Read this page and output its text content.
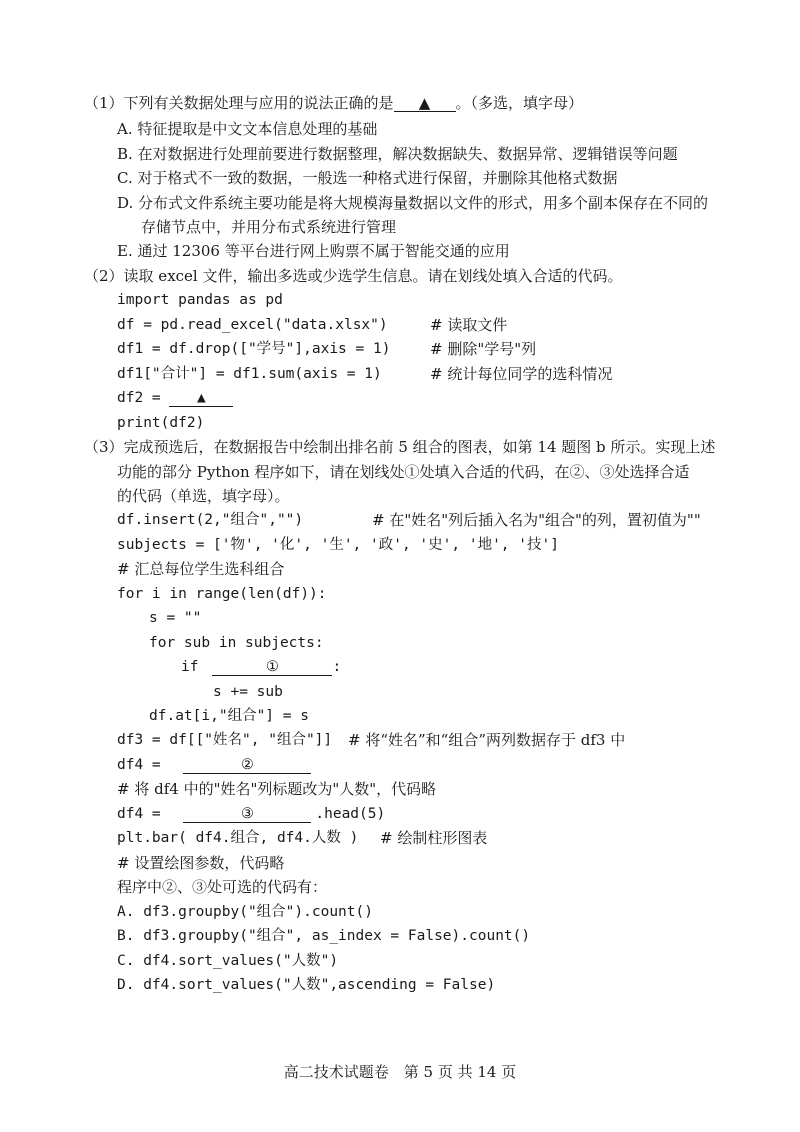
（1）下列有关数据处理与应用的说法正确的是 ▲ 。（多选，填字母）
A. 特征提取是中文文本信息处理的基础
B. 在对数据进行处理前要进行数据整理，解决数据缺失、数据异常、逻辑错误等问题
C. 对于格式不一致的数据，一般选一种格式进行保留，并删除其他格式数据
D. 分布式文件系统主要功能是将大规模海量数据以文件的形式，用多个副本保存在不同的
存储节点中，并用分布式系统进行管理
E. 通过 12306 等平台进行网上购票不属于智能交通的应用
（2）读取 excel 文件，输出多选或少选学生信息。请在划线处填入合适的代码。
import pandas as pd
df = pd.read_excel("data.xlsx")	# 读取文件
df1 = df.drop(["学号"],axis = 1)	# 删除"学号"列
df1["合计"] = df1.sum(axis = 1)	# 统计每位同学的选科情况
df2 = ▲
print(df2)
（3）完成预选后，在数据报告中绘制出排名前 5 组合的图表，如第 14 题图 b 所示。实现上述
功能的部分 Python 程序如下，请在划线处①处填入合适的代码，在②、③处选择合适
的代码（单选，填字母）。
df.insert(2,"组合","")	# 在"姓名"列后插入名为"组合"的列，置初值为""
subjects = ['物', '化', '生', '政', '史', '地', '技']
# 汇总每位学生选科组合
for i in range(len(df)):
s = ""
for sub in subjects:
if	①	:
s += sub
df.at[i,"组合"] = s
df3 = df[["姓名", "组合"]] # 将“姓名”和“组合”两列数据存于 df3 中
df4 =	②
# 将 df4 中的"姓名"列标题改为"人数"，代码略
df4 =	③	.head(5)
plt.bar( df4.组合, df4.人数 ) # 绘制柱形图表
# 设置绘图参数，代码略
程序中②、③处可选的代码有：
A. df3.groupby("组合").count()
B. df3.groupby("组合", as_index = False).count()
C. df4.sort_values("人数")
D. df4.sort_values("人数",ascending = False)
高二技术试题卷　第 5 页 共 14 页
